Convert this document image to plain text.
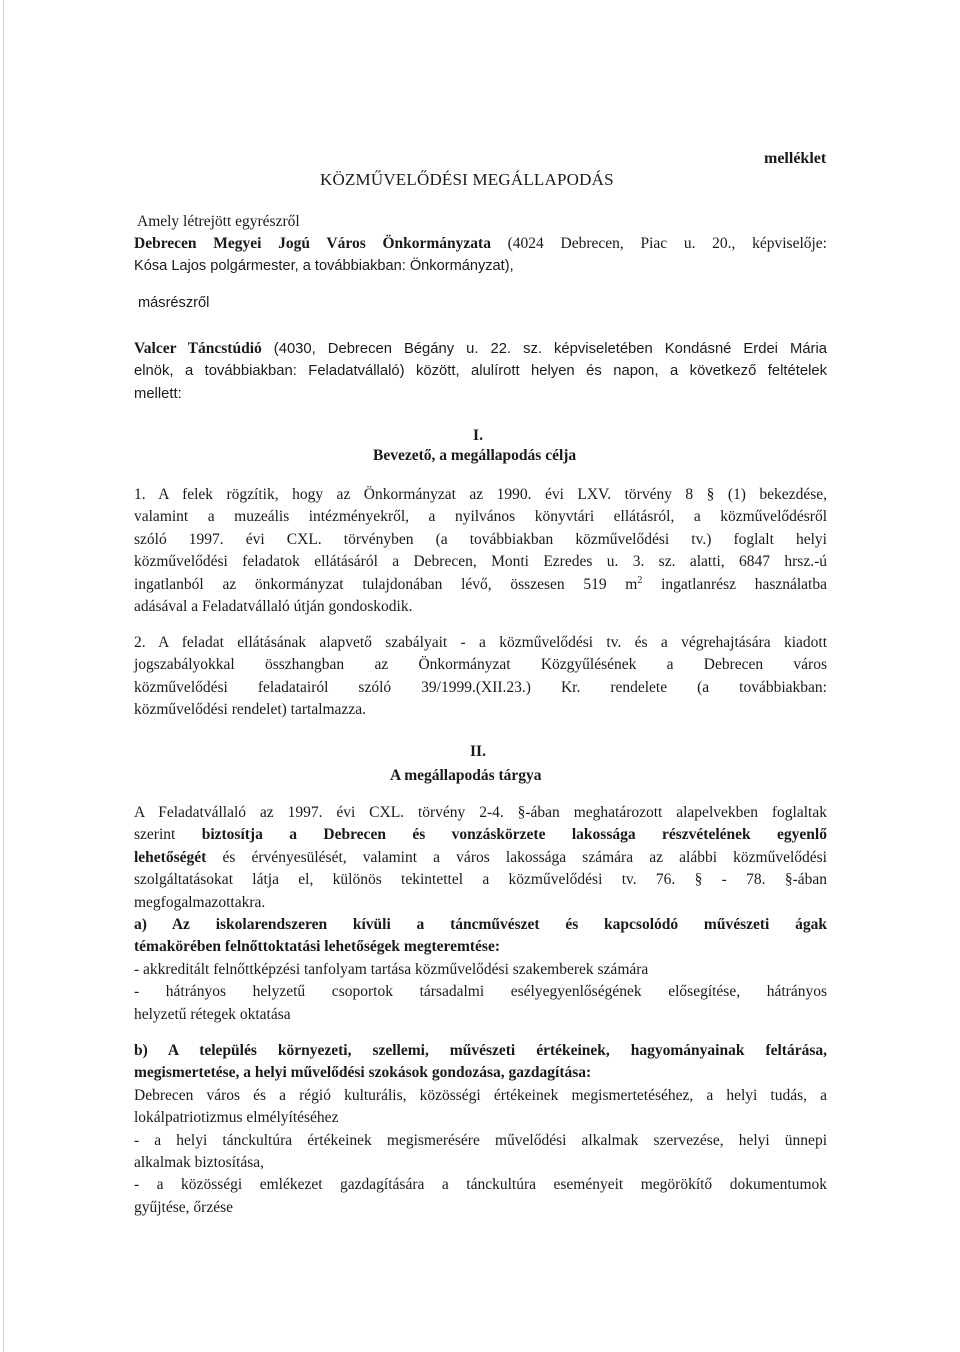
melléklet
KÖZMŰVELŐDÉSI MEGÁLLAPODÁS
Amely létrejött egyrészről
Debrecen Megyei Jogú Város Önkormányzata (4024 Debrecen, Piac u. 20., képviselője:
Kósa Lajos polgármester, a továbbiakban: Önkormányzat),
másrészről
Valcer Táncstúdió (4030, Debrecen Bégány u. 22. sz. képviseletében Kondásné Erdei Mária
elnök, a továbbiakban: Feladatvállaló) között, alulírott helyen és napon, a következő feltételek
mellett:
I.
Bevezető, a megállapodás célja
1. A felek rögzítik, hogy az Önkormányzat az 1990. évi LXV. törvény 8 § (1) bekezdése,
valamint a muzeális intézményekről, a nyilvános könyvtári ellátásról, a közművelődésről
szóló 1997. évi CXL. törvényben (a továbbiakban közművelődési tv.) foglalt helyi
közművelődési feladatok ellátásáról a Debrecen, Monti Ezredes u. 3. sz. alatti, 6847 hrsz.-ú
ingatlanból az önkormányzat tulajdonában lévő, összesen 519 $m^2$ ingatlanrész használatba
adásával a Feladatvállaló útján gondoskodik.
2. A feladat ellátásának alapvető szabályait - a közművelődési tv. és a végrehajtására kiadott
jogszabályokkal összhangban az Önkormányzat Közgyűlésének a Debrecen város
közművelődési feladatairól szóló 39/1999.(XII.23.) Kr. rendelete (a továbbiakban:
közművelődési rendelet) tartalmazza.
II.
A megállapodás tárgya
A Feladatvállaló az 1997. évi CXL. törvény 2-4. §-ában meghatározott alapelvekben foglaltak
szerint biztosítja a Debrecen és vonzáskörzete lakossága részvételének egyenlő
lehetőségét és érvényesülését, valamint a város lakossága számára az alábbi közművelődési
szolgáltatásokat látja el, különös tekintettel a közművelődési tv. 76. § - 78. §-ában
megfogalmazottakra.
a) Az iskolarendszeren kívüli a táncművészet és kapcsolódó művészeti ágak
témakörében felnőttoktatási lehetőségek megteremtése:
- akkreditált felnőttképzési tanfolyam tartása közművelődési szakemberek számára
- hátrányos helyzetű csoportok társadalmi esélyegyenlőségének elősegítése, hátrányos
helyzetű rétegek oktatása
b) A település környezeti, szellemi, művészeti értékeinek, hagyományainak feltárása,
megismertetése, a helyi művelődési szokások gondozása, gazdagítása:
Debrecen város és a régió kulturális, közösségi értékeinek megismertetéséhez, a helyi tudás, a
lokálpatriotizmus elmélyítéséhez
- a helyi tánckultúra értékeinek megismerésére művelődési alkalmak szervezése, helyi ünnepi
alkalmak biztosítása,
- a közösségi emlékezet gazdagítására a tánckultúra eseményeit megörökítő dokumentumok
gyűjtése, őrzése
